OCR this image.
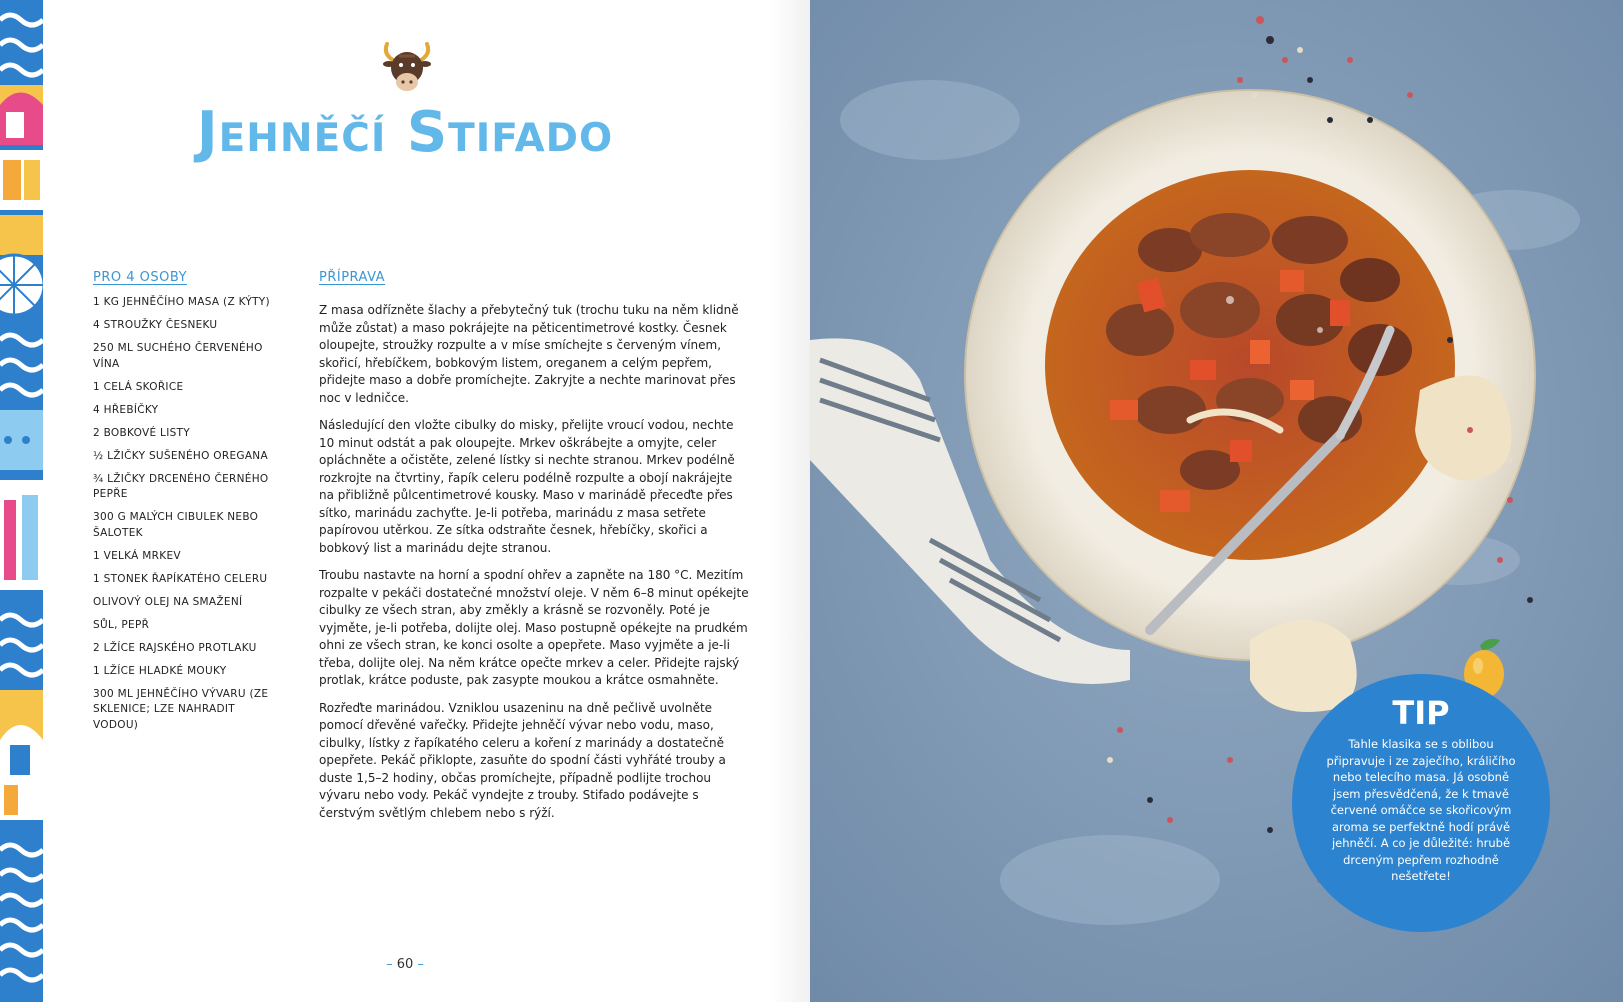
Jehněčí Stifado
PRO 4 OSOBY
1 KG JEHNĚČÍHO MASA (Z KÝTY)
4 STROUŽKY ČESNEKU
250 ML SUCHÉHO ČERVENÉHO VÍNA
1 CELÁ SKOŘICE
4 HŘEBÍČKY
2 BOBKOVÉ LISTY
½ LŽIČKY SUŠENÉHO OREGANA
¾ LŽIČKY DRCENÉHO ČERNÉHO PEPŘE
300 G MALÝCH CIBULEK NEBO ŠALOTEK
1 VELKÁ MRKEV
1 STONEK ŘAPÍKATÉHO CELERU
OLIVOVÝ OLEJ NA SMAŽENÍ
SŮL, PEPŘ
2 LŽÍCE RAJSKÉHO PROTLAKU
1 LŽÍCE HLADKÉ MOUKY
300 ML JEHNĚČÍHO VÝVARU (ZE SKLENICE; LZE NAHRADIT VODOU)
PŘÍPRAVA

Z masa odřízněte šlachy a přebytečný tuk (trochu tuku na něm klidně může zůstat) a maso pokrájejte na pěticentimetrové kostky. Česnek oloupejte, stroužky rozpulte a v míse smíchejte s červeným vínem, skořicí, hřebíčkem, bobkovým listem, oreganem a celým pepřem, přidejte maso a dobře promíchejte. Zakryjte a nechte marinovat přes noc v ledničce.

Následující den vložte cibulky do misky, přelijte vroucí vodou, nechte 10 minut odstát a pak oloupejte. Mrkev oškrábejte a omyjte, celer opláchněte a očistěte, zelené lístky si nechte stranou. Mrkev podélně rozkrojte na čtvrtiny, řapík celeru podélně rozpulte a obojí nakrájejte na přibližně půlcentimetrové kousky. Maso v marinádě přeceďte přes sítko, marinádu zachyťte. Je-li potřeba, marinádu z masa setřete papírovou utěrkou. Ze sítka odstraňte česnek, hřebíčky, skořici a bobkový list a marinádu dejte stranou.

Troubu nastavte na horní a spodní ohřev a zapněte na 180 °C. Mezitím rozpalte v pekáči dostatečné množství oleje. V něm 6–8 minut opékejte cibulky ze všech stran, aby změkly a krásně se rozvoněly. Poté je vyjměte, je-li potřeba, dolijte olej. Maso postupně opékejte na prudkém ohni ze všech stran, ke konci osolte a opepřete. Maso vyjměte a je-li třeba, dolijte olej. Na něm krátce opečte mrkev a celer. Přidejte rajský protlak, krátce poduste, pak zasypte moukou a krátce osmahněte.

Rozřeďte marinádou. Vzniklou usazeninu na dně pečlivě uvolněte pomocí dřevěné vařečky. Přidejte jehněčí vývar nebo vodu, maso, cibulky, lístky z řapíkatého celeru a koření z marinády a dostatečně opepřete. Pekáč přiklopte, zasuňte do spodní části vyhřáté trouby a duste 1,5–2 hodiny, občas promíchejte, případně podlijte trochou vývaru nebo vody. Pekáč vyndejte z trouby. Stifado podávejte s čerstvým světlým chlebem nebo s rýží.

– 60 –
TIP

Tahle klasika se s oblibou připravuje i ze zaječího, králičího nebo telecího masa. Já osobně jsem přesvědčená, že k tmavě červené omáčce se skořicovým aroma se perfektně hodí právě jehněčí. A co je důležité: hrubě drceným pepřem rozhodně nešetřete!
